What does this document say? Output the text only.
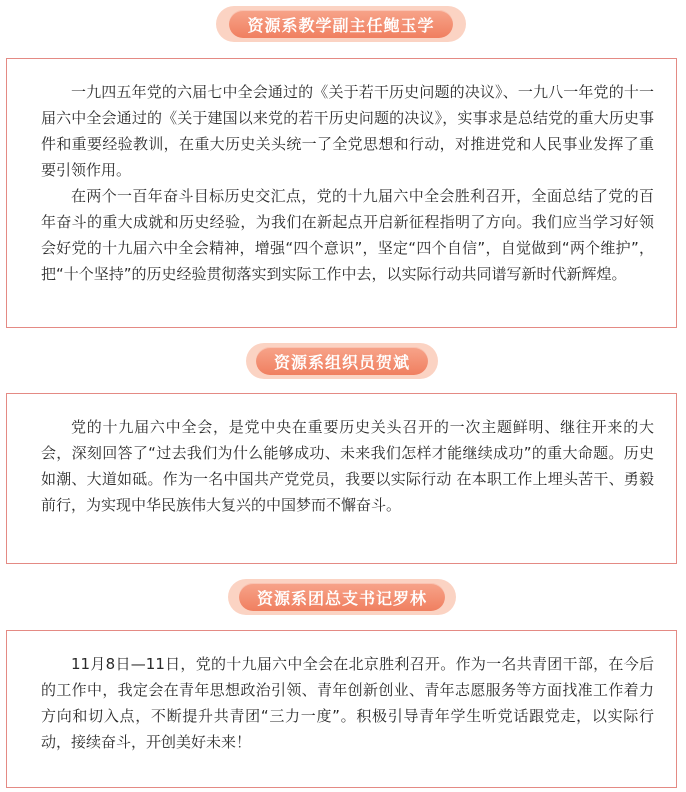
资源系教学副主任鲍玉学

一九四五年党的六届七中全会通过的《关于若干历史问题的决议》、一九八一年党的十一届六中全会通过的《关于建国以来党的若干历史问题的决议》，实事求是总结党的重大历史事件和重要经验教训，在重大历史关头统一了全党思想和行动，对推进党和人民事业发挥了重要引领作用。

在两个一百年奋斗目标历史交汇点，党的十九届六中全会胜利召开，全面总结了党的百年奋斗的重大成就和历史经验，为我们在新起点开启新征程指明了方向。我们应当学习好领会好党的十九届六中全会精神，增强“四个意识”，坚定“四个自信”，自觉做到“两个维护”，把“十个坚持”的历史经验贯彻落实到实际工作中去，以实际行动共同谱写新时代新辉煌。

资源系组织员贺斌

党的十九届六中全会，是党中央在重要历史关头召开的一次主题鲜明、继往开来的大会，深刻回答了“过去我们为什么能够成功、未来我们怎样才能继续成功”的重大命题。历史如潮、大道如砥。作为一名中国共产党党员，我要以实际行动 在本职工作上埋头苦干、勇毅前行，为实现中华民族伟大复兴的中国梦而不懈奋斗。

资源系团总支书记罗林

11月8日—11日，党的十九届六中全会在北京胜利召开。作为一名共青团干部，在今后的工作中，我定会在青年思想政治引领、青年创新创业、青年志愿服务等方面找准工作着力方向和切入点，不断提升共青团“三力一度”。积极引导青年学生听党话跟党走，以实际行动，接续奋斗，开创美好未来！
